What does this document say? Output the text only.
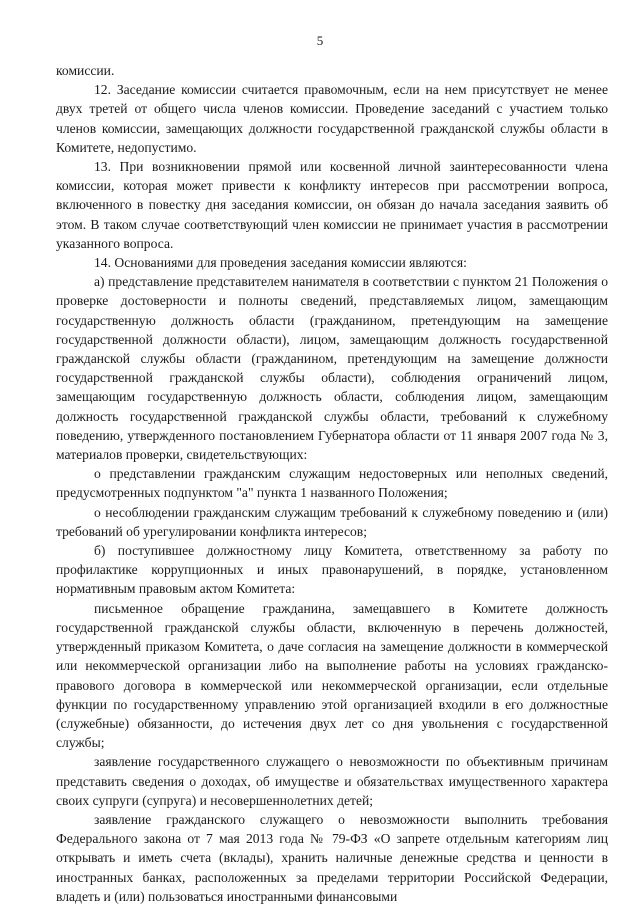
5

комиссии.

12. Заседание комиссии считается правомочным, если на нем присутствует не менее двух третей от общего числа членов комиссии. Проведение заседаний с участием только членов комиссии, замещающих должности государственной гражданской службы области в Комитете, недопустимо.

13. При возникновении прямой или косвенной личной заинтересованности члена комиссии, которая может привести к конфликту интересов при рассмотрении вопроса, включенного в повестку дня заседания комиссии, он обязан до начала заседания заявить об этом. В таком случае соответствующий член комиссии не принимает участия в рассмотрении указанного вопроса.

14. Основаниями для проведения заседания комиссии являются:

а) представление представителем нанимателя в соответствии с пунктом 21 Положения о проверке достоверности и полноты сведений, представляемых лицом, замещающим государственную должность области (гражданином, претендующим на замещение государственной должности области), лицом, замещающим должность государственной гражданской службы области (гражданином, претендующим на замещение должности государственной гражданской службы области), соблюдения ограничений лицом, замещающим государственную должность области, соблюдения лицом, замещающим должность государственной гражданской службы области, требований к служебному поведению, утвержденного постановлением Губернатора области от 11 января 2007 года № 3, материалов проверки, свидетельствующих:

о представлении гражданским служащим недостоверных или неполных сведений, предусмотренных подпунктом "а" пункта 1 названного Положения;

о несоблюдении гражданским служащим требований к служебному поведению и (или) требований об урегулировании конфликта интересов;

б) поступившее должностному лицу Комитета, ответственному за работу по профилактике коррупционных и иных правонарушений, в порядке, установленном нормативным правовым актом Комитета:

письменное обращение гражданина, замещавшего в Комитете должность государственной гражданской службы области, включенную в перечень должностей, утвержденный приказом Комитета, о даче согласия на замещение должности в коммерческой или некоммерческой организации либо на выполнение работы на условиях гражданско-правового договора в коммерческой или некоммерческой организации, если отдельные функции по государственному управлению этой организацией входили в его должностные (служебные) обязанности, до истечения двух лет со дня увольнения с государственной службы;

заявление государственного служащего о невозможности по объективным причинам представить сведения о доходах, об имуществе и обязательствах имущественного характера своих супруги (супруга) и несовершеннолетних детей;

заявление гражданского служащего о невозможности выполнить требования Федерального закона от 7 мая 2013 года № 79-ФЗ «О запрете отдельным категориям лиц открывать и иметь счета (вклады), хранить наличные денежные средства и ценности в иностранных банках, расположенных за пределами территории Российской Федерации, владеть и (или) пользоваться иностранными финансовыми
